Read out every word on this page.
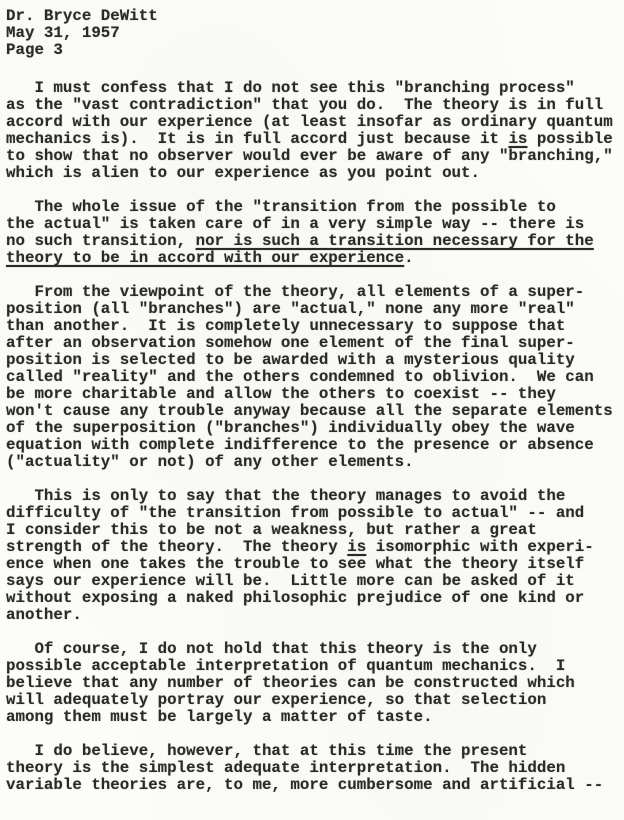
Dr. Bryce DeWitt
May 31, 1957
Page 3
I must confess that I do not see this "branching process"
as the "vast contradiction" that you do.  The theory is in full
accord with our experience (at least insofar as ordinary quantum
mechanics is).  It is in full accord just because it is possible
to show that no observer would ever be aware of any "branching,"
which is alien to our experience as you point out.
The whole issue of the "transition from the possible to
the actual" is taken care of in a very simple way -- there is
no such transition, nor is such a transition necessary for the
theory to be in accord with our experience.
From the viewpoint of the theory, all elements of a super-
position (all "branches") are "actual," none any more "real"
than another.  It is completely unnecessary to suppose that
after an observation somehow one element of the final super-
position is selected to be awarded with a mysterious quality
called "reality" and the others condemned to oblivion.  We can
be more charitable and allow the others to coexist -- they
won't cause any trouble anyway because all the separate elements
of the superposition ("branches") individually obey the wave
equation with complete indifference to the presence or absence
("actuality" or not) of any other elements.
This is only to say that the theory manages to avoid the
difficulty of "the transition from possible to actual" -- and
I consider this to be not a weakness, but rather a great
strength of the theory.  The theory is isomorphic with experi-
ence when one takes the trouble to see what the theory itself
says our experience will be.  Little more can be asked of it
without exposing a naked philosophic prejudice of one kind or
another.
Of course, I do not hold that this theory is the only
possible acceptable interpretation of quantum mechanics.  I
believe that any number of theories can be constructed which
will adequately portray our experience, so that selection
among them must be largely a matter of taste.
I do believe, however, that at this time the present
theory is the simplest adequate interpretation.  The hidden
variable theories are, to me, more cumbersome and artificial --
